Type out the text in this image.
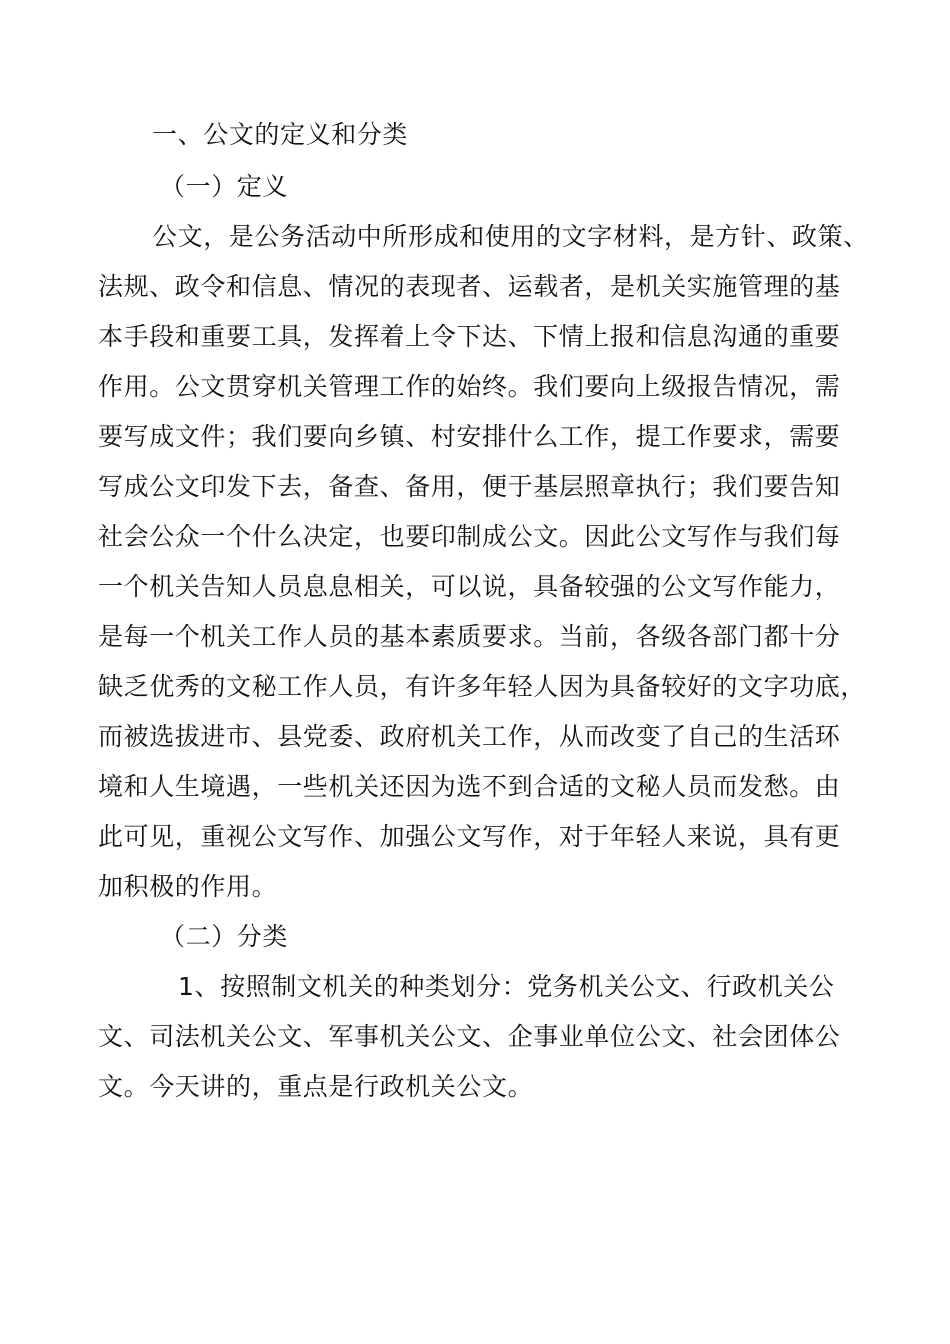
一、公文的定义和分类
（一）定义
公文，是公务活动中所形成和使用的文字材料，是方针、政策、
法规、政令和信息、情况的表现者、运载者，是机关实施管理的基
本手段和重要工具，发挥着上令下达、下情上报和信息沟通的重要
作用。公文贯穿机关管理工作的始终。我们要向上级报告情况，需
要写成文件；我们要向乡镇、村安排什么工作，提工作要求，需要
写成公文印发下去，备查、备用，便于基层照章执行；我们要告知
社会公众一个什么决定，也要印制成公文。因此公文写作与我们每
一个机关告知人员息息相关，可以说，具备较强的公文写作能力，
是每一个机关工作人员的基本素质要求。当前，各级各部门都十分
缺乏优秀的文秘工作人员，有许多年轻人因为具备较好的文字功底，
而被选拔进市、县党委、政府机关工作，从而改变了自己的生活环
境和人生境遇，一些机关还因为选不到合适的文秘人员而发愁。由
此可见，重视公文写作、加强公文写作，对于年轻人来说，具有更
加积极的作用。
（二）分类
1、按照制文机关的种类划分：党务机关公文、行政机关公
文、司法机关公文、军事机关公文、企事业单位公文、社会团体公
文。今天讲的，重点是行政机关公文。
